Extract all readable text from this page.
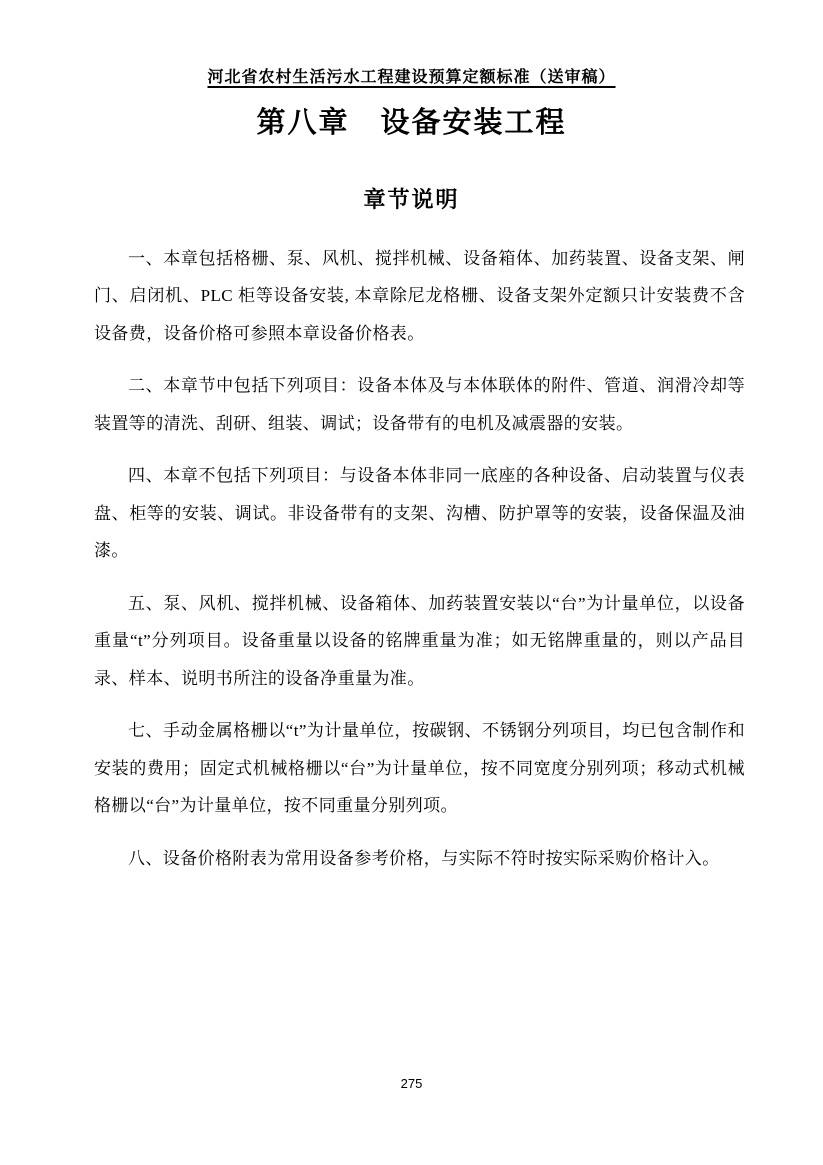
河北省农村生活污水工程建设预算定额标准（送审稿）
第八章　设备安装工程
章节说明

一、本章包括格栅、泵、风机、搅拌机械、设备箱体、加药装置、设备支架、闸门、启闭机、PLC 柜等设备安装, 本章除尼龙格栅、设备支架外定额只计安装费不含设备费，设备价格可参照本章设备价格表。

二、本章节中包括下列项目：设备本体及与本体联体的附件、管道、润滑冷却等装置等的清洗、刮研、组装、调试；设备带有的电机及减震器的安装。

四、本章不包括下列项目：与设备本体非同一底座的各种设备、启动装置与仪表盘、柜等的安装、调试。非设备带有的支架、沟槽、防护罩等的安装，设备保温及油漆。

五、泵、风机、搅拌机械、设备箱体、加药装置安装以“台”为计量单位，以设备重量“t”分列项目。设备重量以设备的铭牌重量为准；如无铭牌重量的，则以产品目录、样本、说明书所注的设备净重量为准。

七、手动金属格栅以“t”为计量单位，按碳钢、不锈钢分列项目，均已包含制作和安装的费用；固定式机械格栅以“台”为计量单位，按不同宽度分别列项；移动式机械格栅以“台”为计量单位，按不同重量分别列项。

八、设备价格附表为常用设备参考价格，与实际不符时按实际采购价格计入。

275
